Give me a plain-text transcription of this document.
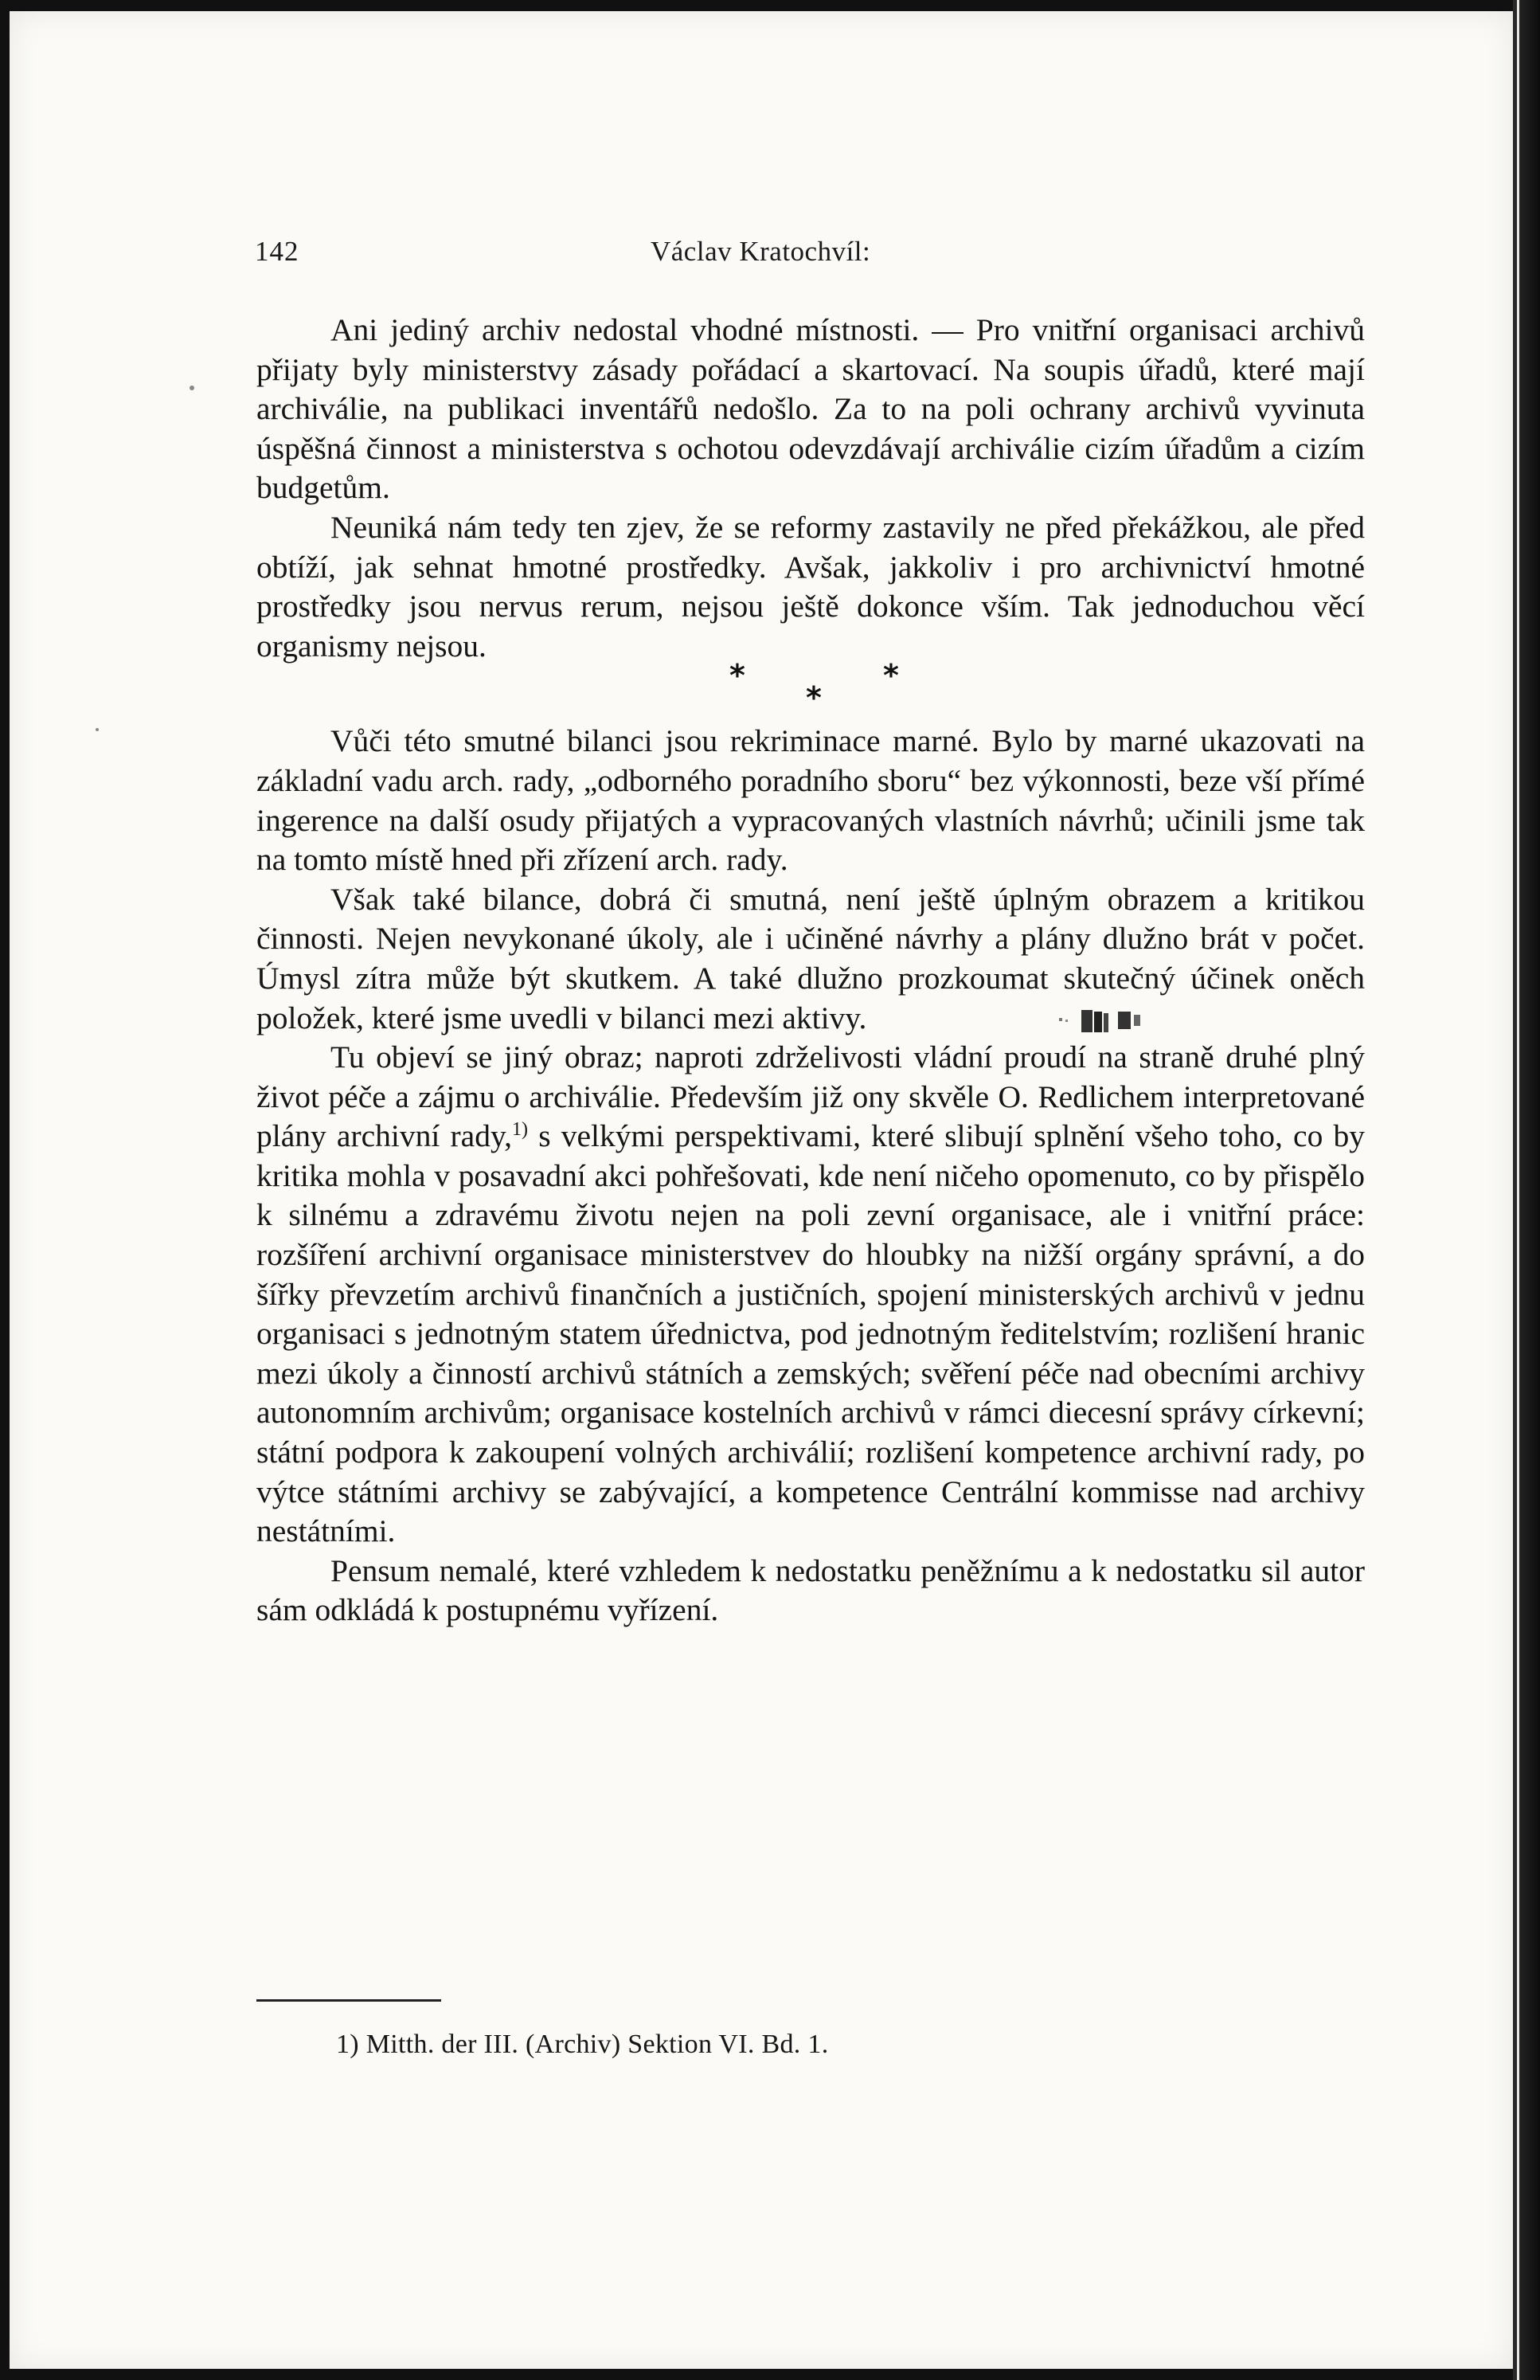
142	Václav Kratochvíl:

Ani jediný archiv nedostal vhodné místnosti. — Pro vnitřní organisaci archivů přijaty byly ministerstvy zásady pořádací a skartovací. Na soupis úřadů, které mají archiválie, na publikaci inventářů nedošlo. Za to na poli ochrany archivů vyvinuta úspěšná činnost a ministerstva s ochotou odevzdávají archiválie cizím úřadům a cizím budgetům.

Neuniká nám tedy ten zjev, že se reformy zastavily ne před překážkou, ale před obtíží, jak sehnat hmotné prostředky. Avšak, jakkoliv i pro archivnictví hmotné prostředky jsou nervus rerum, nejsou ještě dokonce vším. Tak jednoduchou věcí organismy nejsou.

*
*
*

Vůči této smutné bilanci jsou rekriminace marné. Bylo by marné ukazovati na základní vadu arch. rady, „odborného poradního sboru“ bez výkonnosti, beze vší přímé ingerence na další osudy přijatých a vypracovaných vlastních návrhů; učinili jsme tak na tomto místě hned při zřízení arch. rady.

Však také bilance, dobrá či smutná, není ještě úplným obrazem a kritikou činnosti. Nejen nevykonané úkoly, ale i učiněné návrhy a plány dlužno brát v počet. Úmysl zítra může být skutkem. A také dlužno prozkoumat skutečný účinek oněch položek, které jsme uvedli v bilanci mezi aktivy.

Tu objeví se jiný obraz; naproti zdrželivosti vládní proudí na straně druhé plný život péče a zájmu o archiválie. Především již ony skvěle O. Redlichem interpretované plány archivní rady,$^{1)}$ s velkými perspektivami, které slibují splnění všeho toho, co by kritika mohla v posavadní akci pohřešovati, kde není ničeho opomenuto, co by přispělo k silnému a zdravému životu nejen na poli zevní organisace, ale i vnitřní práce: rozšíření archivní organisace ministerstvev do hloubky na nižší orgány správní, a do šířky převzetím archivů finančních a justičních, spojení ministerských archivů v jednu organisaci s jednotným statem úřednictva, pod jednotným ředitelstvím; rozlišení hranic mezi úkoly a činností archivů státních a zemských; svěření péče nad obecními archivy autonomním archivům; organisace kostelních archivů v rámci diecesní správy církevní; státní podpora k zakoupení volných archiválií; rozlišení kompetence archivní rady, po výtce státními archivy se zabývající, a kompetence Centrální kommisse nad archivy nestátními.

Pensum nemalé, které vzhledem k nedostatku peněžnímu a k nedostatku sil autor sám odkládá k postupnému vyřízení.

1) Mitth. der III. (Archiv) Sektion VI. Bd. 1.
